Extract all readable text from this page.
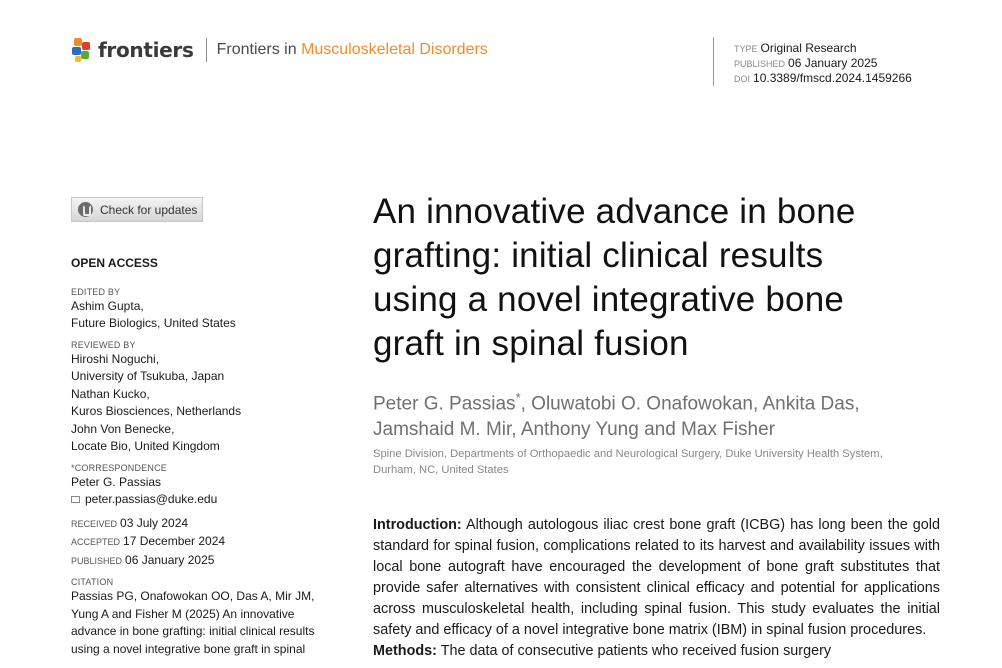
frontiers Frontiers in Musculoskeletal Disorders	TYPE Original Research
PUBLISHED 06 January 2025
DOI 10.3389/fmscd.2024.1459266
Check for updates
OPEN ACCESS
EDITED BY
Ashim Gupta,
Future Biologics, United States
REVIEWED BY
Hiroshi Noguchi,
University of Tsukuba, Japan
Nathan Kucko,
Kuros Biosciences, Netherlands
John Von Benecke,
Locate Bio, United Kingdom
*CORRESPONDENCE
Peter G. Passias
peter.passias@duke.edu
RECEIVED 03 July 2024
ACCEPTED 17 December 2024
PUBLISHED 06 January 2025
CITATION
Passias PG, Onafowokan OO, Das A, Mir JM,
Yung A and Fisher M (2025) An innovative
advance in bone grafting: initial clinical results
using a novel integrative bone graft in spinal
An innovative advance in bone
grafting: initial clinical results
using a novel integrative bone
graft in spinal fusion
Peter G. Passias*, Oluwatobi O. Onafowokan, Ankita Das,
Jamshaid M. Mir, Anthony Yung and Max Fisher
Spine Division, Departments of Orthopaedic and Neurological Surgery, Duke University Health System,
Durham, NC, United States

Introduction: Although autologous iliac crest bone graft (ICBG) has long been the gold standard for spinal fusion, complications related to its harvest and availability issues with local bone autograft have encouraged the development of bone graft substitutes that provide safer alternatives with consistent clinical efficacy and potential for applications across musculoskeletal health, including spinal fusion. This study evaluates the initial safety and efficacy of a novel integrative bone matrix (IBM) in spinal fusion procedures.

Methods: The data of consecutive patients who received fusion surgery
